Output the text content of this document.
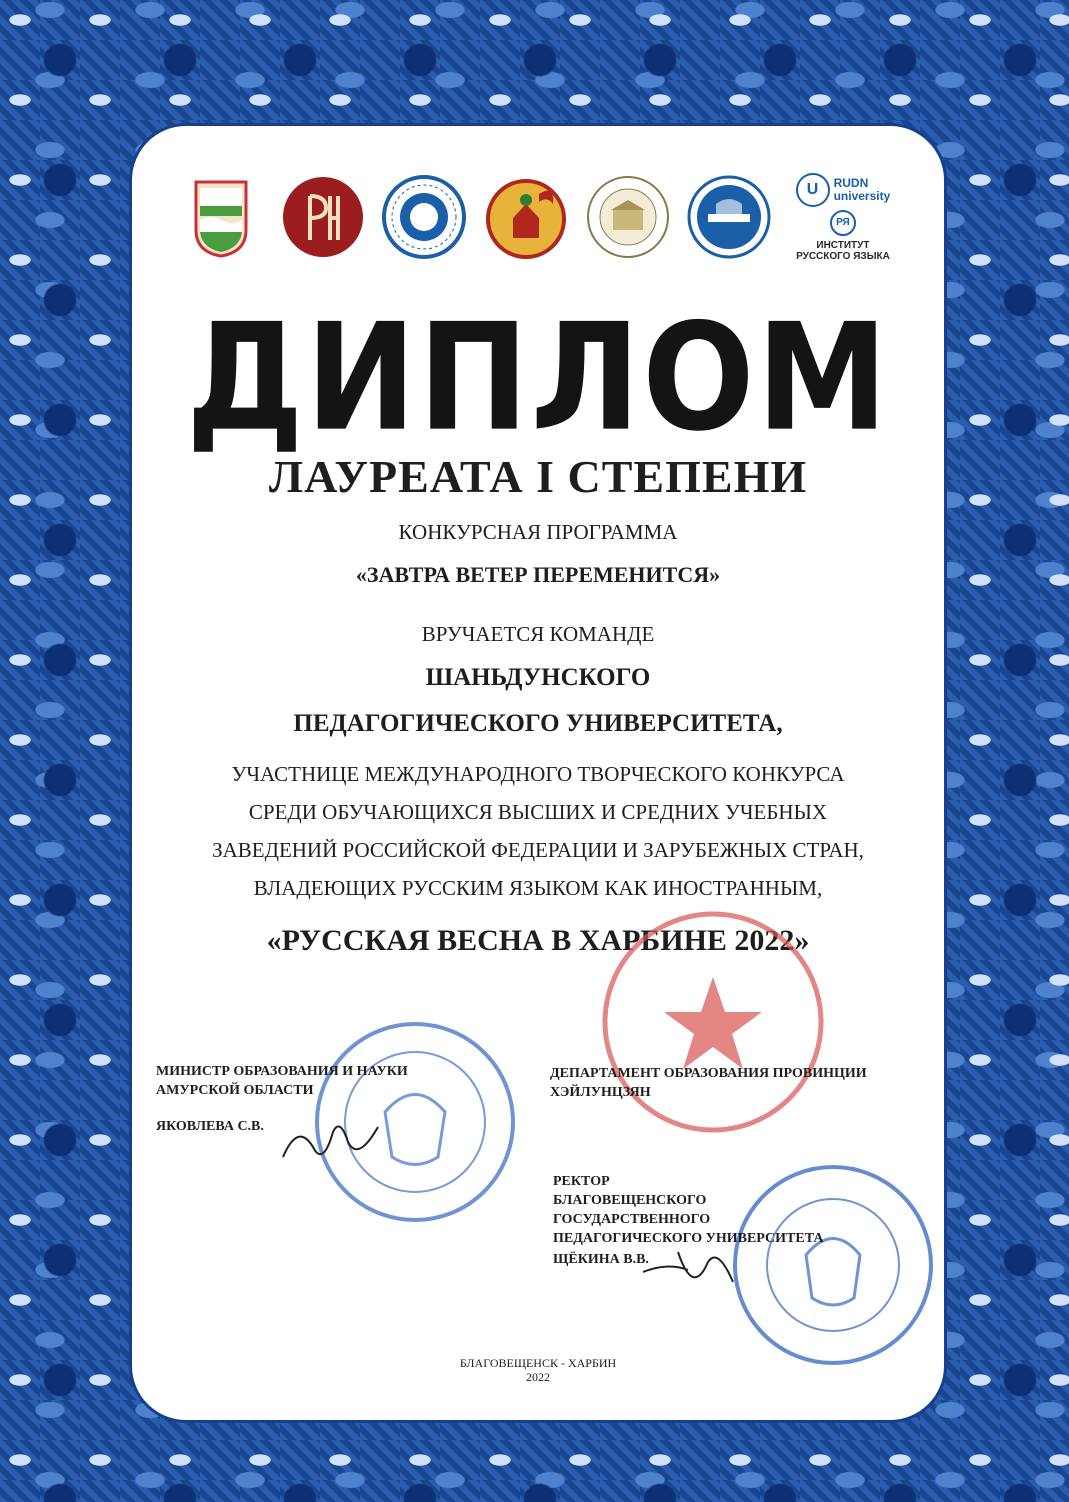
U	RUDN
university
РЯ
ИНСТИТУТ
РУССКОГО ЯЗЫКА
ДИПЛОМ
ЛАУРЕАТА I СТЕПЕНИ
КОНКУРСНАЯ ПРОГРАММА
«ЗАВТРА ВЕТЕР ПЕРЕМЕНИТСЯ»
ВРУЧАЕТСЯ КОМАНДЕ
ШАНЬДУНСКОГО
ПЕДАГОГИЧЕСКОГО УНИВЕРСИТЕТА,
УЧАСТНИЦЕ МЕЖДУНАРОДНОГО ТВОРЧЕСКОГО КОНКУРСА
СРЕДИ ОБУЧАЮЩИХСЯ ВЫСШИХ И СРЕДНИХ УЧЕБНЫХ
ЗАВЕДЕНИЙ РОССИЙСКОЙ ФЕДЕРАЦИИ И ЗАРУБЕЖНЫХ СТРАН,
ВЛАДЕЮЩИХ РУССКИМ ЯЗЫКОМ КАК ИНОСТРАННЫМ,
«РУССКАЯ ВЕСНА В ХАРБИНЕ 2022»
МИНИСТР ОБРАЗОВАНИЯ И НАУКИ
АМУРСКОЙ ОБЛАСТИ
ЯКОВЛЕВА С.В.
ДЕПАРТАМЕНТ ОБРАЗОВАНИЯ ПРОВИНЦИИ
ХЭЙЛУНЦЗЯН
РЕКТОР
БЛАГОВЕЩЕНСКОГО ГОСУДАРСТВЕННОГО
ПЕДАГОГИЧЕСКОГО УНИВЕРСИТЕТА
ЩЁКИНА В.В.
БЛАГОВЕЩЕНСК - ХАРБИН
2022
